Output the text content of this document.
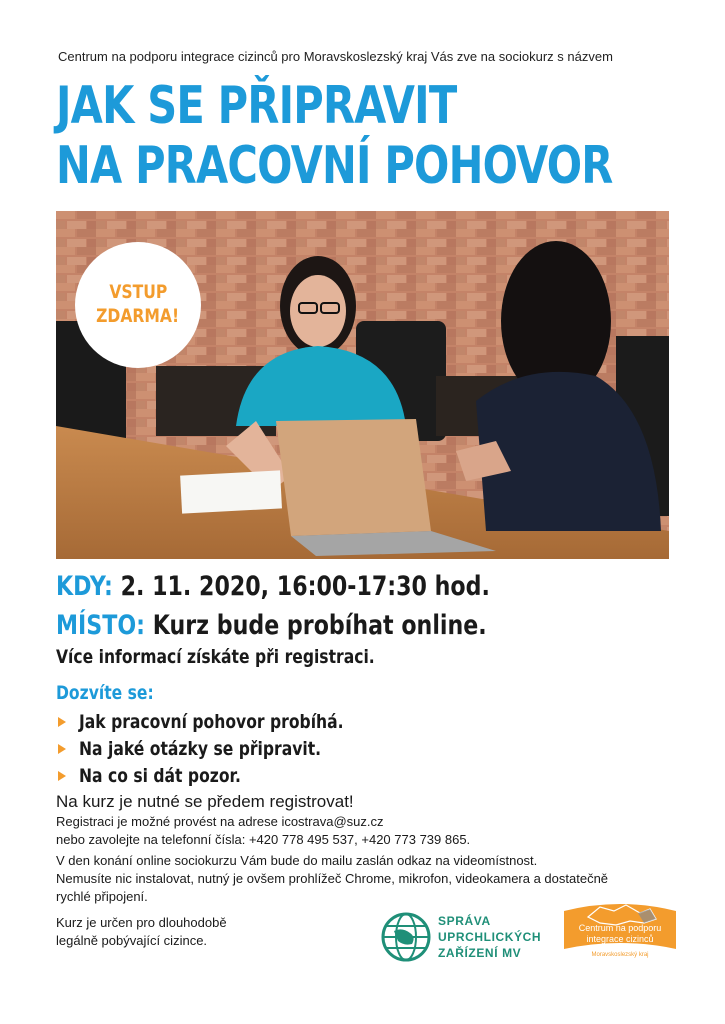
Centrum na podporu integrace cizinců pro Moravskoslezský kraj Vás zve na sociokurz s názvem
JAK SE PŘIPRAVIT
NA PRACOVNÍ POHOVOR
VSTUP
ZDARMA!
KDY: 2. 11. 2020, 16:00-17:30 hod.
MÍSTO: Kurz bude probíhat online.
Více informací získáte při registraci.
Dozvíte se:
Jak pracovní pohovor probíhá.
Na jaké otázky se připravit.
Na co si dát pozor.
Na kurz je nutné se předem registrovat!
Registraci je možné provést na adrese icostrava@suz.cz
nebo zavolejte na telefonní čísla: +420 778 495 537, +420 773 739 865.
V den konání online sociokurzu Vám bude do mailu zaslán odkaz na videomístnost.
Nemusíte nic instalovat, nutný je ovšem prohlížeč Chrome, mikrofon, videokamera a dostatečně
rychlé připojení.
Kurz je určen pro dlouhodobě
legálně pobývající cizince.
SPRÁVA
UPRCHLICKÝCH
ZAŘÍZENÍ MV
Centrum na podporu
integrace cizinců
Moravskoslezský kraj
